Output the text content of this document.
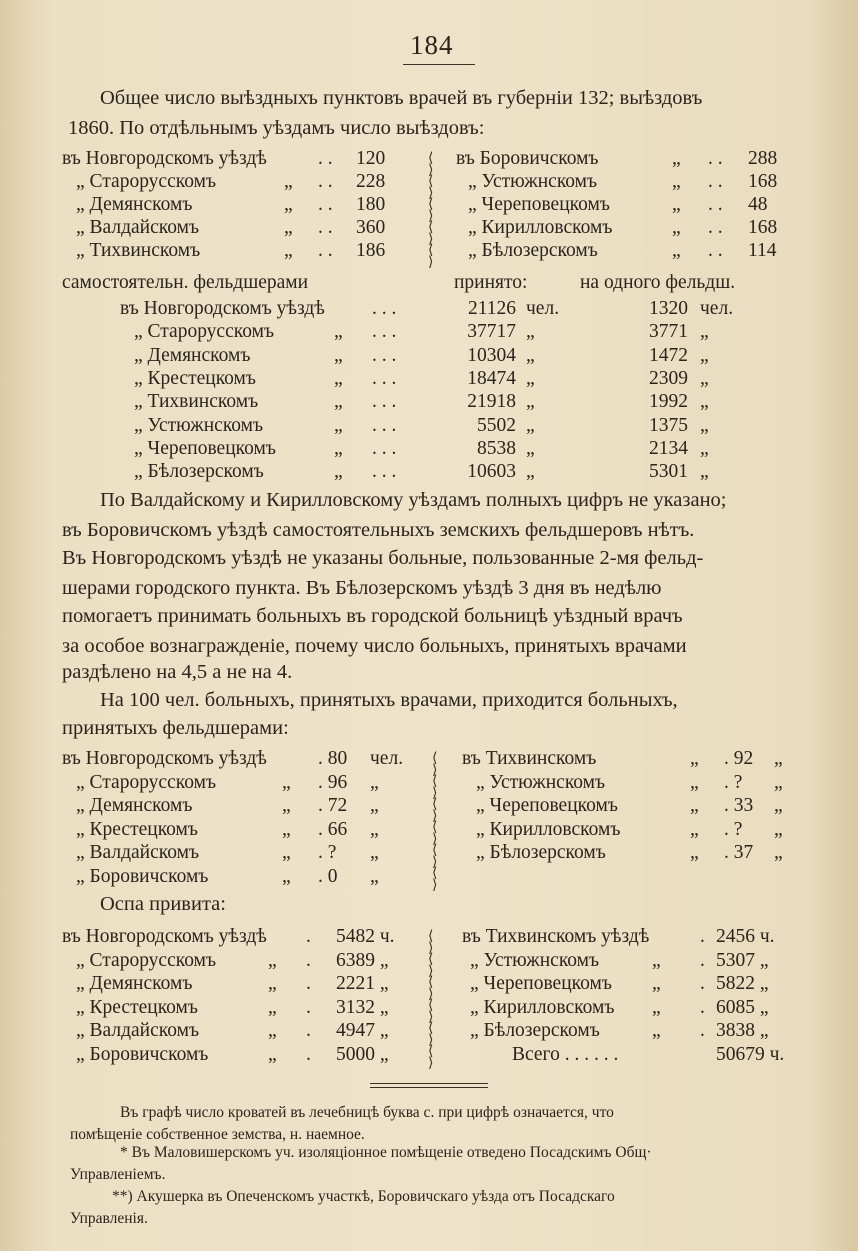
184
Общее число выѣздныхъ пунктовъ врачей въ губерніи 132; выѣздовъ
1860. По отдѣльнымъ уѣздамъ число выѣздовъ:
въ Новгородскомъ уѣздѣ	. . 120
„ Старорусскомъ	„ . . 228
„ Демянскомъ	„ . . 180
„ Валдайскомъ	„ . . 360
„ Тихвинскомъ	„ . . 186
въ Боровичскомъ	„ . . 288
„ Устюжнскомъ	„ . . 168
„ Череповецкомъ	„ . . 48
„ Кирилловскомъ	„ . . 168
„ Бѣлозерскомъ	„ . . 114
⟨
⟩
⟨
⟩
⟨
⟩
⟨
⟩
⟨
⟩
самостоятельн. фельдшерами	принято:	на одного фельдш.
въ Новгородскомъ уѣздѣ . . .	21126 чел.	1320 чел.
„ Старорусскомъ	„ . . .	37717 „	3771 „
„ Демянскомъ	„ . . .	10304 „	1472 „
„ Крестецкомъ	„ . . .	18474 „	2309 „
„ Тихвинскомъ	„ . . .	21918 „	1992 „
„ Устюжнскомъ	„ . . .	5502 „	1375 „
„ Череповецкомъ	„ . . .	8538 „	2134 „
„ Бѣлозерскомъ	„ . . .	10603 „	5301 „
По Валдайскому и Кирилловскому уѣздамъ полныхъ цифръ не указано;
въ Боровичскомъ уѣздѣ самостоятельныхъ земскихъ фельдшеровъ нѣтъ.
Въ Новгородскомъ уѣздѣ не указаны больные, пользованные 2-мя фельд-
шерами городского пункта. Въ Бѣлозерскомъ уѣздѣ 3 дня въ недѣлю
помогаетъ принимать больныхъ въ городской больницѣ уѣздный врачъ
за особое вознагражденіе, почему число больныхъ, принятыхъ врачами
раздѣлено на 4,5 а не на 4.
На 100 чел. больныхъ, принятыхъ врачами, приходится больныхъ,
принятыхъ фельдшерами:
въ Новгородскомъ уѣздѣ	. 80 чел.
„ Старорусскомъ	„ . 96 „
„ Демянскомъ	„ . 72 „
„ Крестецкомъ	„ . 66 „
„ Валдайскомъ	„ . ? „
„ Боровичскомъ	„ . 0 „
въ Тихвинскомъ	„ . 92 „
„ Устюжнскомъ	„ . ? „
„ Череповецкомъ	„ . 33 „
„ Кирилловскомъ	„ . ? „
„ Бѣлозерскомъ	„ . 37 „
⟨
⟩
⟨
⟩
⟨
⟩
⟨
⟩
⟨
⟩
⟨
⟩
Оспа привита:
въ Новгородскомъ уѣздѣ . 5482 ч.
„ Старорусскомъ	„ . 6389 „
„ Демянскомъ	„ . 2221 „
„ Крестецкомъ	„ . 3132 „
„ Валдайскомъ	„ . 4947 „
„ Боровичскомъ	„ . 5000 „
въ Тихвинскомъ уѣздѣ	. 2456 ч.
„ Устюжнскомъ	„ . 5307 „
„ Череповецкомъ „ . 5822 „
„ Кирилловскомъ „ . 6085 „
„ Бѣлозерскомъ	„ . 3838 „
Всего . . . . . .	50679 ч.
⟨
⟩
⟨
⟩
⟨
⟩
⟨
⟩
⟨
⟩
⟨
⟩
Въ графѣ число кроватей въ лечебницѣ буква с. при цифрѣ означается, что
помѣщеніе собственное земства, н. наемное.
* Въ Маловишерскомъ уч. изоляціонное помѣщеніе отведено Посадскимъ Общ·
Управленіемъ.
**) Акушерка въ Опеченскомъ участкѣ, Боровичскаго уѣзда отъ Посадскаго
Управленія.
